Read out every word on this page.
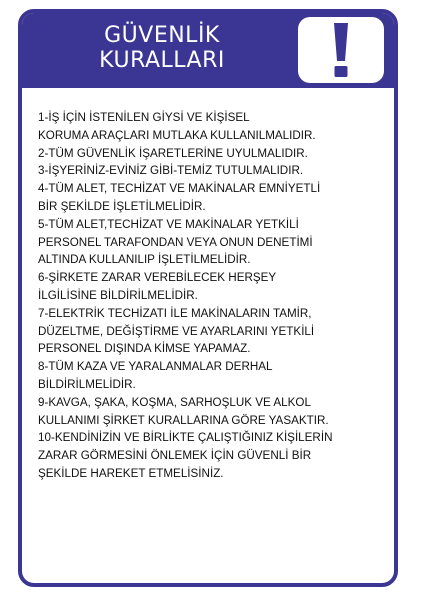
GÜVENLİK
KURALLARI
1-İŞ İÇİN İSTENİLEN GİYSİ VE KİŞİSEL
KORUMA ARAÇLARI MUTLAKA KULLANILMALIDIR.
2-TÜM GÜVENLİK İŞARETLERİNE UYULMALIDIR.
3-İŞYERİNİZ-EVİNİZ GİBİ-TEMİZ TUTULMALIDIR.
4-TÜM ALET, TECHİZAT VE MAKİNALAR EMNİYETLİ
BİR ŞEKİLDE İŞLETİLMELİDİR.
5-TÜM ALET,TECHİZAT VE MAKİNALAR YETKİLİ
PERSONEL TARAFONDAN VEYA ONUN DENETİMİ
ALTINDA KULLANILIP İŞLETİLMELİDİR.
6-ŞİRKETE ZARAR VEREBİLECEK HERŞEY
İLGİLİSİNE BİLDİRİLMELİDİR.
7-ELEKTRİK TECHİZATI İLE MAKİNALARIN TAMİR,
DÜZELTME, DEĞİŞTİRME VE AYARLARINI YETKİLİ
PERSONEL DIŞINDA KİMSE YAPAMAZ.
8-TÜM KAZA VE YARALANMALAR DERHAL
BİLDİRİLMELİDİR.
9-KAVGA, ŞAKA, KOŞMA, SARHOŞLUK VE ALKOL
KULLANIMI ŞİRKET KURALLARINA GÖRE YASAKTIR.
10-KENDİNİZİN VE BİRLİKTE ÇALIŞTIĞINIZ KİŞİLERİN
ZARAR GÖRMESİNİ ÖNLEMEK İÇİN GÜVENLİ BİR
ŞEKİLDE HAREKET ETMELİSİNİZ.
